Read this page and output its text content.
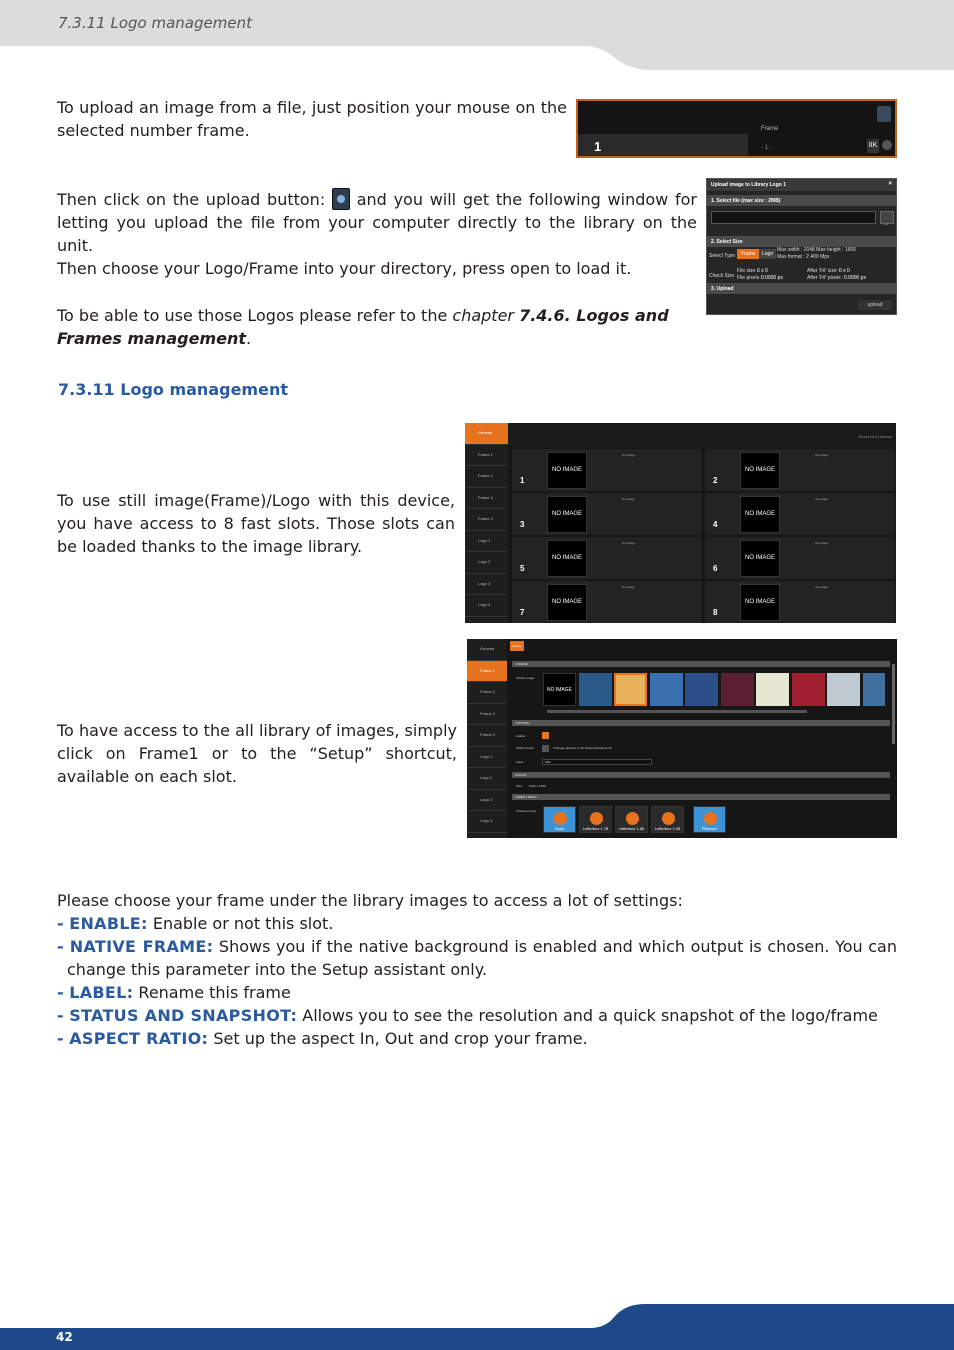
7.3.11 Logo management
To upload an image from a file, just position your mouse on the selected number frame.
1
Frame
- 1 -	IIK
Then click on the upload button: and you will get the following window for letting you upload the file from your computer directly to the library on the unit.
Upload image to Library Logo 1	×
1. Select file (max size : 2MB)
...
2. Select Size
Select Type	Frame	Logo
Max width : 2048 Max height : 1600
Max format : 2 400 Mpx
Check Size
File size :
0 x 0
File pixels :
0.0000 px
After 'Fit' size : 0 x 0
After 'Fit' pixels : 0.0000 px
3. Upload
upload
Then choose your Logo/Frame into your directory, press open to load it.
To be able to use those Logos please refer to the chapter 7.4.6. Logos and Frames management.
7.3.11 Logo management
To use still image(Frame)/Logo with this device, you have access to 8 fast slots. Those slots can be loaded thanks to the image library.
General
Frame 1
Frame 2
Frame 3
Frame 4
Logo 1
Logo 2
Logo 3
Logo 4
Reset All to default
NO IMAGE
1
No image
NO IMAGE
2
No image
NO IMAGE
3
No image
NO IMAGE
4
No image
NO IMAGE
5
No image
NO IMAGE
6
No image
NO IMAGE
7
No image
NO IMAGE
8
No image
To have access to the all library of images, simply click on Frame1 or to the “Setup” shortcut, available on each slot.
General
Frame 1
Frame 2
Frame 3
Frame 4
Logo 1
Logo 2
Logo 3
Logo 4
Frame
SOURCE
Library Image
NO IMAGE
CONTROL
Enable
Native Frame	Changes allowed in the Setup Assistant only
Label	IMG
STATUS
Size 1920 x 1080
ASPECT RATIO
Protected Crop
None	Letterbox 1.78	Letterbox 1.85	Letterbox 2.35	Pillarbox
Please choose your frame under the library images to access a lot of settings:
- ENABLE: Enable or not this slot.
- NATIVE FRAME: Shows you if the native background is enabled and which output is chosen. You can change this parameter into the Setup assistant only.
- LABEL: Rename this frame
- STATUS AND SNAPSHOT: Allows you to see the resolution and a quick snapshot of the logo/frame
- ASPECT RATIO: Set up the aspect In, Out and crop your frame.
42
